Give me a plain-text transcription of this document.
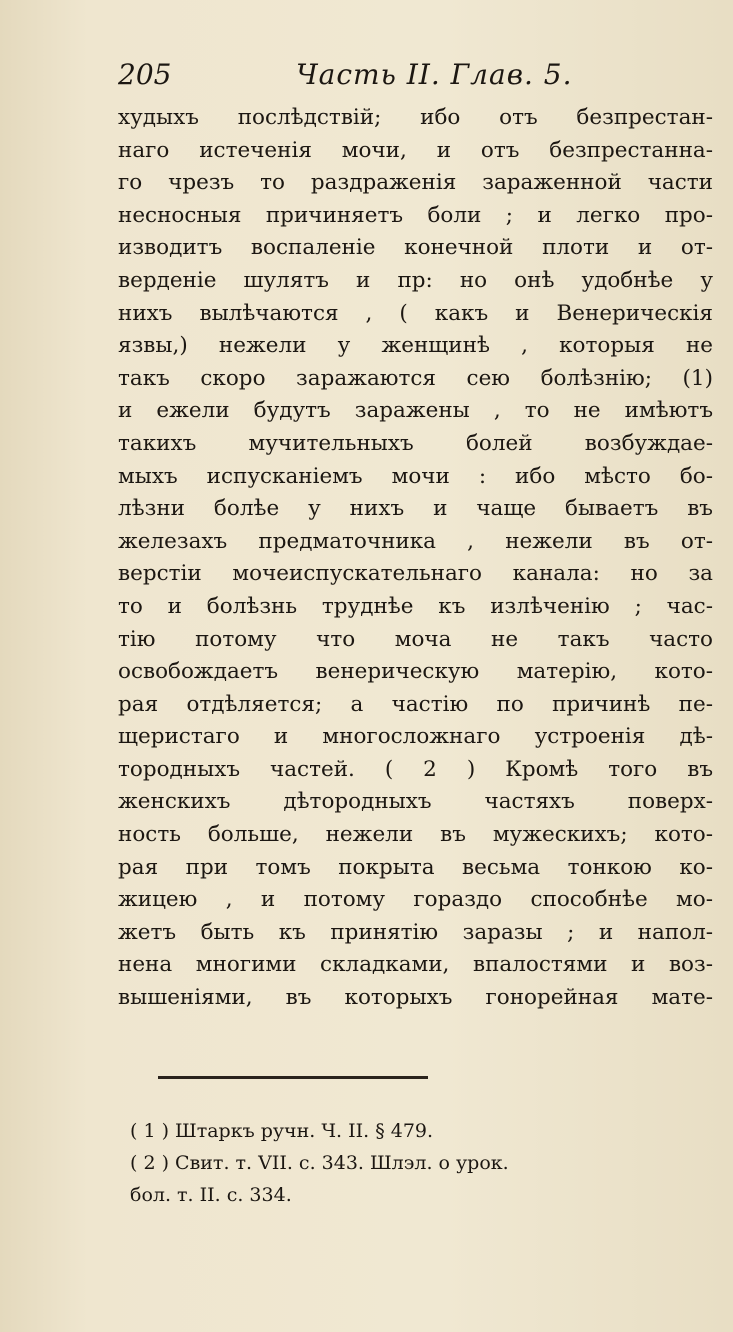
205	Часть II. Глав. 5.
худыхъ послѣдствій; ибо отъ безпрестан-
наго истеченія мочи, и отъ безпрестанна-
го чрезъ то раздраженія зараженной части
несносныя причиняетъ боли ; и легко про-
изводитъ воспаленіе конечной плоти и от-
верденіе шулятъ и пр: но онѣ удобнѣе у
нихъ вылѣчаются , ( какъ и Венерическія
язвы,) нежели у женщинѣ , которыя не
такъ скоро заражаются сею болѣзнію; (1)
и ежели будутъ заражены , то не имѣютъ
такихъ мучительныхъ болей возбуждае-
мыхъ испусканіемъ мочи : ибо мѣсто бо-
лѣзни болѣе у нихъ и чаще бываетъ въ
железахъ предматочника , нежели въ от-
верстіи мочеиспускательнаго канала: но за
то и болѣзнь труднѣе къ излѣченію ; час-
тію потому что моча не такъ часто
освобождаетъ венерическую матерію, кото-
рая отдѣляется; а частію по причинѣ пе-
щеристаго и многосложнаго устроенія дѣ-
тородныхъ частей. ( 2 ) Кромѣ того въ
женскихъ дѣтородныхъ частяхъ поверх-
ность больше, нежели въ мужескихъ; кото-
рая при томъ покрыта весьма тонкою ко-
жицею , и потому гораздо способнѣе мо-
жетъ быть къ принятію заразы ; и напол-
нена многими складками, впалостями и воз-
вышеніями, въ которыхъ гонорейная мате-
( 1 ) Штаркъ ручн. Ч. II. § 479.
( 2 ) Свит. т. VII. с. 343. Шлэл. о урок.
бол. т. II. с. 334.
